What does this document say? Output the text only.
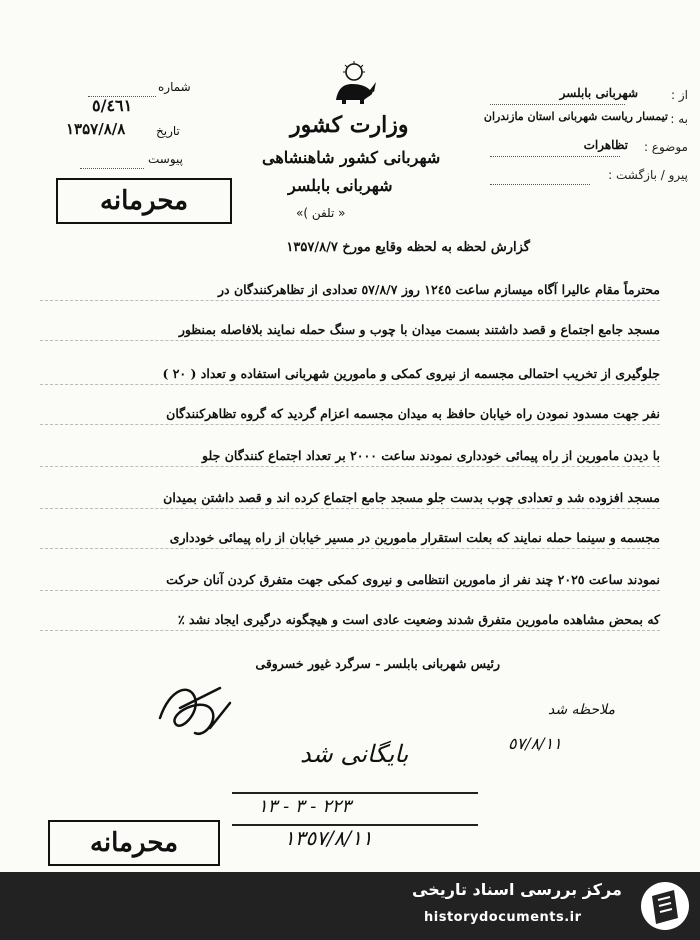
از :
شهربانی بابلسر
به :
تیمسار ریاست شهربانی استان مازندران
موضوع :
تظاهرات
پیرو / بازگشت :
شماره
٥/٤٦١
تاریخ
۱۳۵۷/۸/۸
پیوست
وزارت کشور
شهربانی کشور شاهنشاهی
شهربانی بابلسر
« تلفن )»
محرمانه
گزارش لحظه به لحظه وقایع مورخ ۱۳۵۷/۸/۷
محترماً مقام عالیرا آگاه میسازم ساعت ١٢٤٥ روز ٥٧/٨/٧ تعدادی از تظاهرکنندگان در
مسجد جامع اجتماع و قصد داشتند بسمت میدان با چوب و سنگ حمله نمایند بلافاصله بمنظور
جلوگیری از تخریب احتمالی مجسمه از نیروی کمکی و مامورین شهربانی استفاده و تعداد ( ٢٠ )
نفر جهت مسدود نمودن راه خیابان حافظ به میدان مجسمه اعزام گردید که گروه تظاهرکنندگان
با دیدن مامورین از راه پیمائی خودداری نمودند ساعت ٢٠٠٠ بر تعداد اجتماع کنندگان جلو
مسجد افزوده شد و تعدادی چوب بدست جلو مسجد جامع اجتماع کرده اند و قصد داشتن بمیدان
مجسمه و سینما حمله نمایند که بعلت استقرار مامورین در مسیر خیابان از راه پیمائی خودداری
نمودند ساعت ٢٠٢٥ چند نفر از مامورین انتظامی و نیروی کمکی جهت متفرق کردن آنان حرکت
که بمحض مشاهده مامورین متفرق شدند وضعیت عادی است و هیچگونه درگیری ایجاد نشد ٪
رئیس شهربانی بابلسر - سرگرد غیور خسروقی
ملاحظه شد
٥٧/٨/١١
بایگانی شد
٢٢٣ - ٣ - ١٣
١٣٥٧/٨/١١
محرمانه
مرکز بررسی اسناد تاریخی
historydocuments.ir
